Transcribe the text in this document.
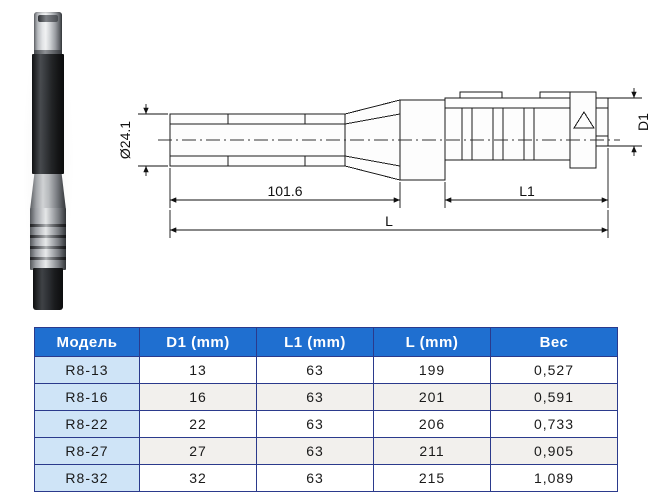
Ø24.1
101.6	L1
L
D1
Модель	D1 (mm)	L1 (mm)	L (mm)	Вес
R8-13	13	63	199	0,527
R8-16	16	63	201	0,591
R8-22	22	63	206	0,733
R8-27	27	63	211	0,905
R8-32	32	63	215	1,089
